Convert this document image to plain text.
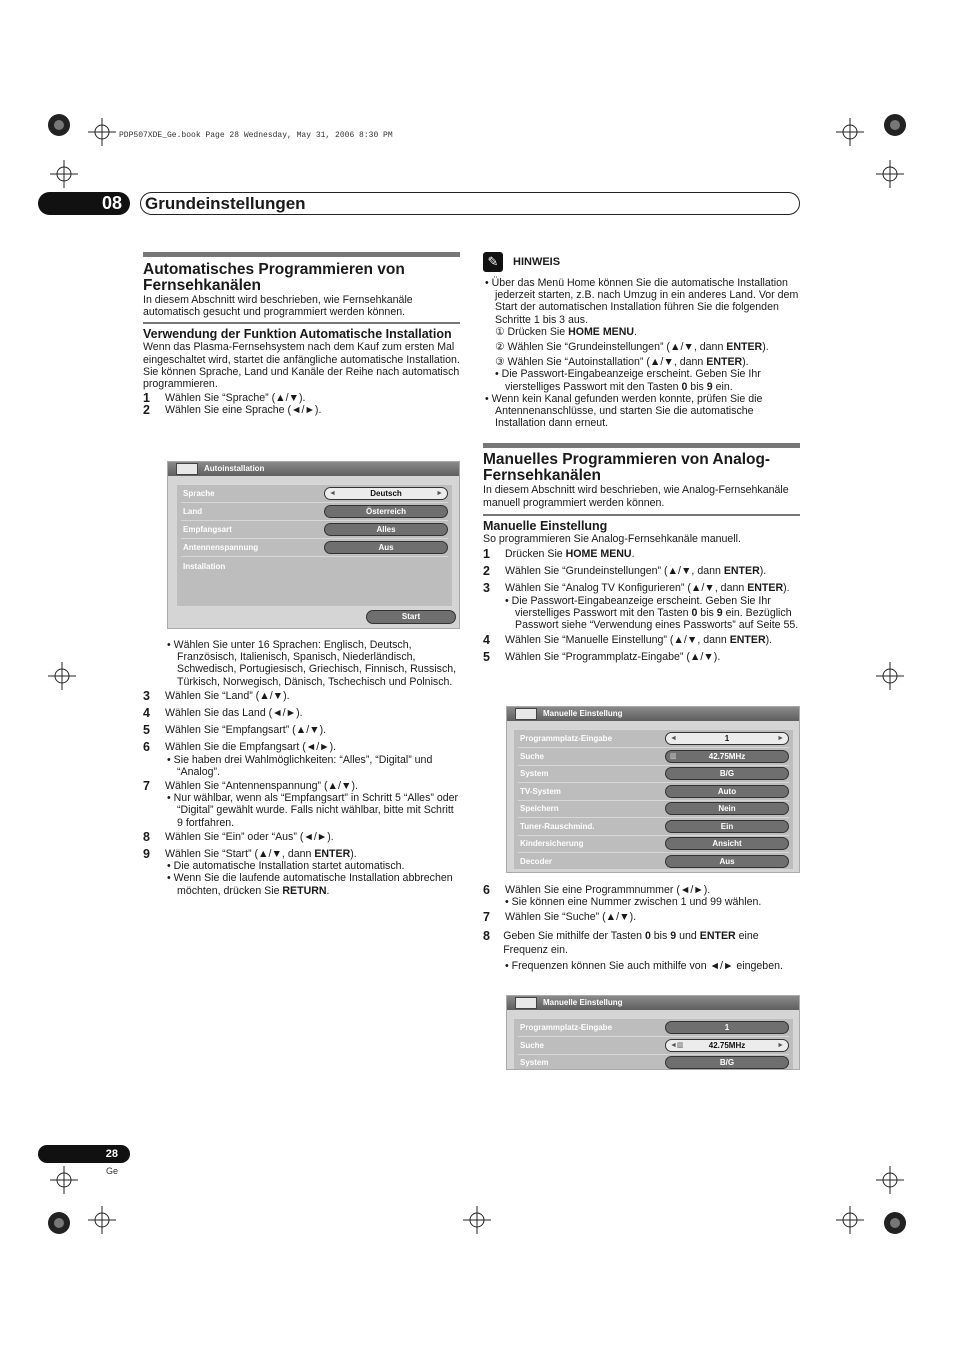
PDP507XDE_Ge.book Page 28 Wednesday, May 31, 2006 8:30 PM
08	Grundeinstellungen
Automatisches Programmieren von Fernsehkanälen

In diesem Abschnitt wird beschrieben, wie Fernsehkanäle automatisch gesucht und programmiert werden können.

Verwendung der Funktion Automatische Installation

Wenn das Plasma-Fernsehsystem nach dem Kauf zum ersten Mal eingeschaltet wird, startet die anfängliche automatische Installation. Sie können Sprache, Land und Kanäle der Reihe nach automatisch programmieren.

1	Wählen Sie “Sprache” (▲/▼).
2	Wählen Sie eine Sprache (◄/►).
Autoinstallation
Sprache	◄	Deutsch	►
Land	Österreich
Empfangsart	Alles
Antennenspannung	Aus
Installation
Start

• Wählen Sie unter 16 Sprachen: Englisch, Deutsch, Französisch, Italienisch, Spanisch, Niederländisch, Schwedisch, Portugiesisch, Griechisch, Finnisch, Russisch, Türkisch, Norwegisch, Dänisch, Tschechisch und Polnisch.

3	Wählen Sie “Land” (▲/▼).
4	Wählen Sie das Land (◄/►).
5	Wählen Sie “Empfangsart” (▲/▼).
6	Wählen Sie die Empfangsart (◄/►).

• Sie haben drei Wahlmöglichkeiten: “Alles”, “Digital” und “Analog”.

7	Wählen Sie “Antennenspannung” (▲/▼).

• Nur wählbar, wenn als “Empfangsart” in Schritt 5 “Alles” oder “Digital” gewählt wurde. Falls nicht wählbar, bitte mit Schritt 9 fortfahren.

8	Wählen Sie “Ein” oder “Aus” (◄/►).
9	Wählen Sie “Start” (▲/▼, dann ENTER).

• Die automatische Installation startet automatisch.

• Wenn Sie die laufende automatische Installation abbrechen möchten, drücken Sie RETURN.

✎	HINWEIS

• Über das Menü Home können Sie die automatische Installation jederzeit starten, z.B. nach Umzug in ein anderes Land. Vor dem Start der automatischen Installation führen Sie die folgenden Schritte 1 bis 3 aus.

① Drücken Sie HOME MENU.

② Wählen Sie “Grundeinstellungen” (▲/▼, dann ENTER).

③ Wählen Sie “Autoinstallation” (▲/▼, dann ENTER).

• Die Passwort-Eingabeanzeige erscheint. Geben Sie Ihr vierstelliges Passwort mit den Tasten 0 bis 9 ein.

• Wenn kein Kanal gefunden werden konnte, prüfen Sie die Antennenanschlüsse, und starten Sie die automatische Installation dann erneut.

Manuelles Programmieren von Analog-Fernsehkanälen

In diesem Abschnitt wird beschrieben, wie Analog-Fernsehkanäle manuell programmiert werden können.

Manuelle Einstellung

So programmieren Sie Analog-Fernsehkanäle manuell.

1	Drücken Sie HOME MENU.
2	Wählen Sie “Grundeinstellungen” (▲/▼, dann ENTER).
3	Wählen Sie “Analog TV Konfigurieren” (▲/▼, dann ENTER).

• Die Passwort-Eingabeanzeige erscheint. Geben Sie Ihr vierstelliges Passwort mit den Tasten 0 bis 9 ein. Bezüglich Passwort siehe “Verwendung eines Passworts” auf Seite 55.

4	Wählen Sie “Manuelle Einstellung” (▲/▼, dann ENTER).
5	Wählen Sie “Programmplatz-Eingabe” (▲/▼).
Manuelle Einstellung
Programmplatz-Eingabe	◄	1	►
Suche	▥	42.75MHz
System	B/G
TV-System	Auto
Speichern	Nein
Tuner-Rauschmind.	Ein
Kindersicherung	Ansicht
Decoder	Aus
6	Wählen Sie eine Programmnummer (◄/►).

• Sie können eine Nummer zwischen 1 und 99 wählen.

7	Wählen Sie “Suche” (▲/▼).
8	Geben Sie mithilfe der Tasten 0 bis 9 und ENTER eine Frequenz ein.

• Frequenzen können Sie auch mithilfe von ◄/► eingeben.

Manuelle Einstellung
Programmplatz-Eingabe	1
Suche	◄▥	42.75MHz	►
System	B/G
28
Ge
